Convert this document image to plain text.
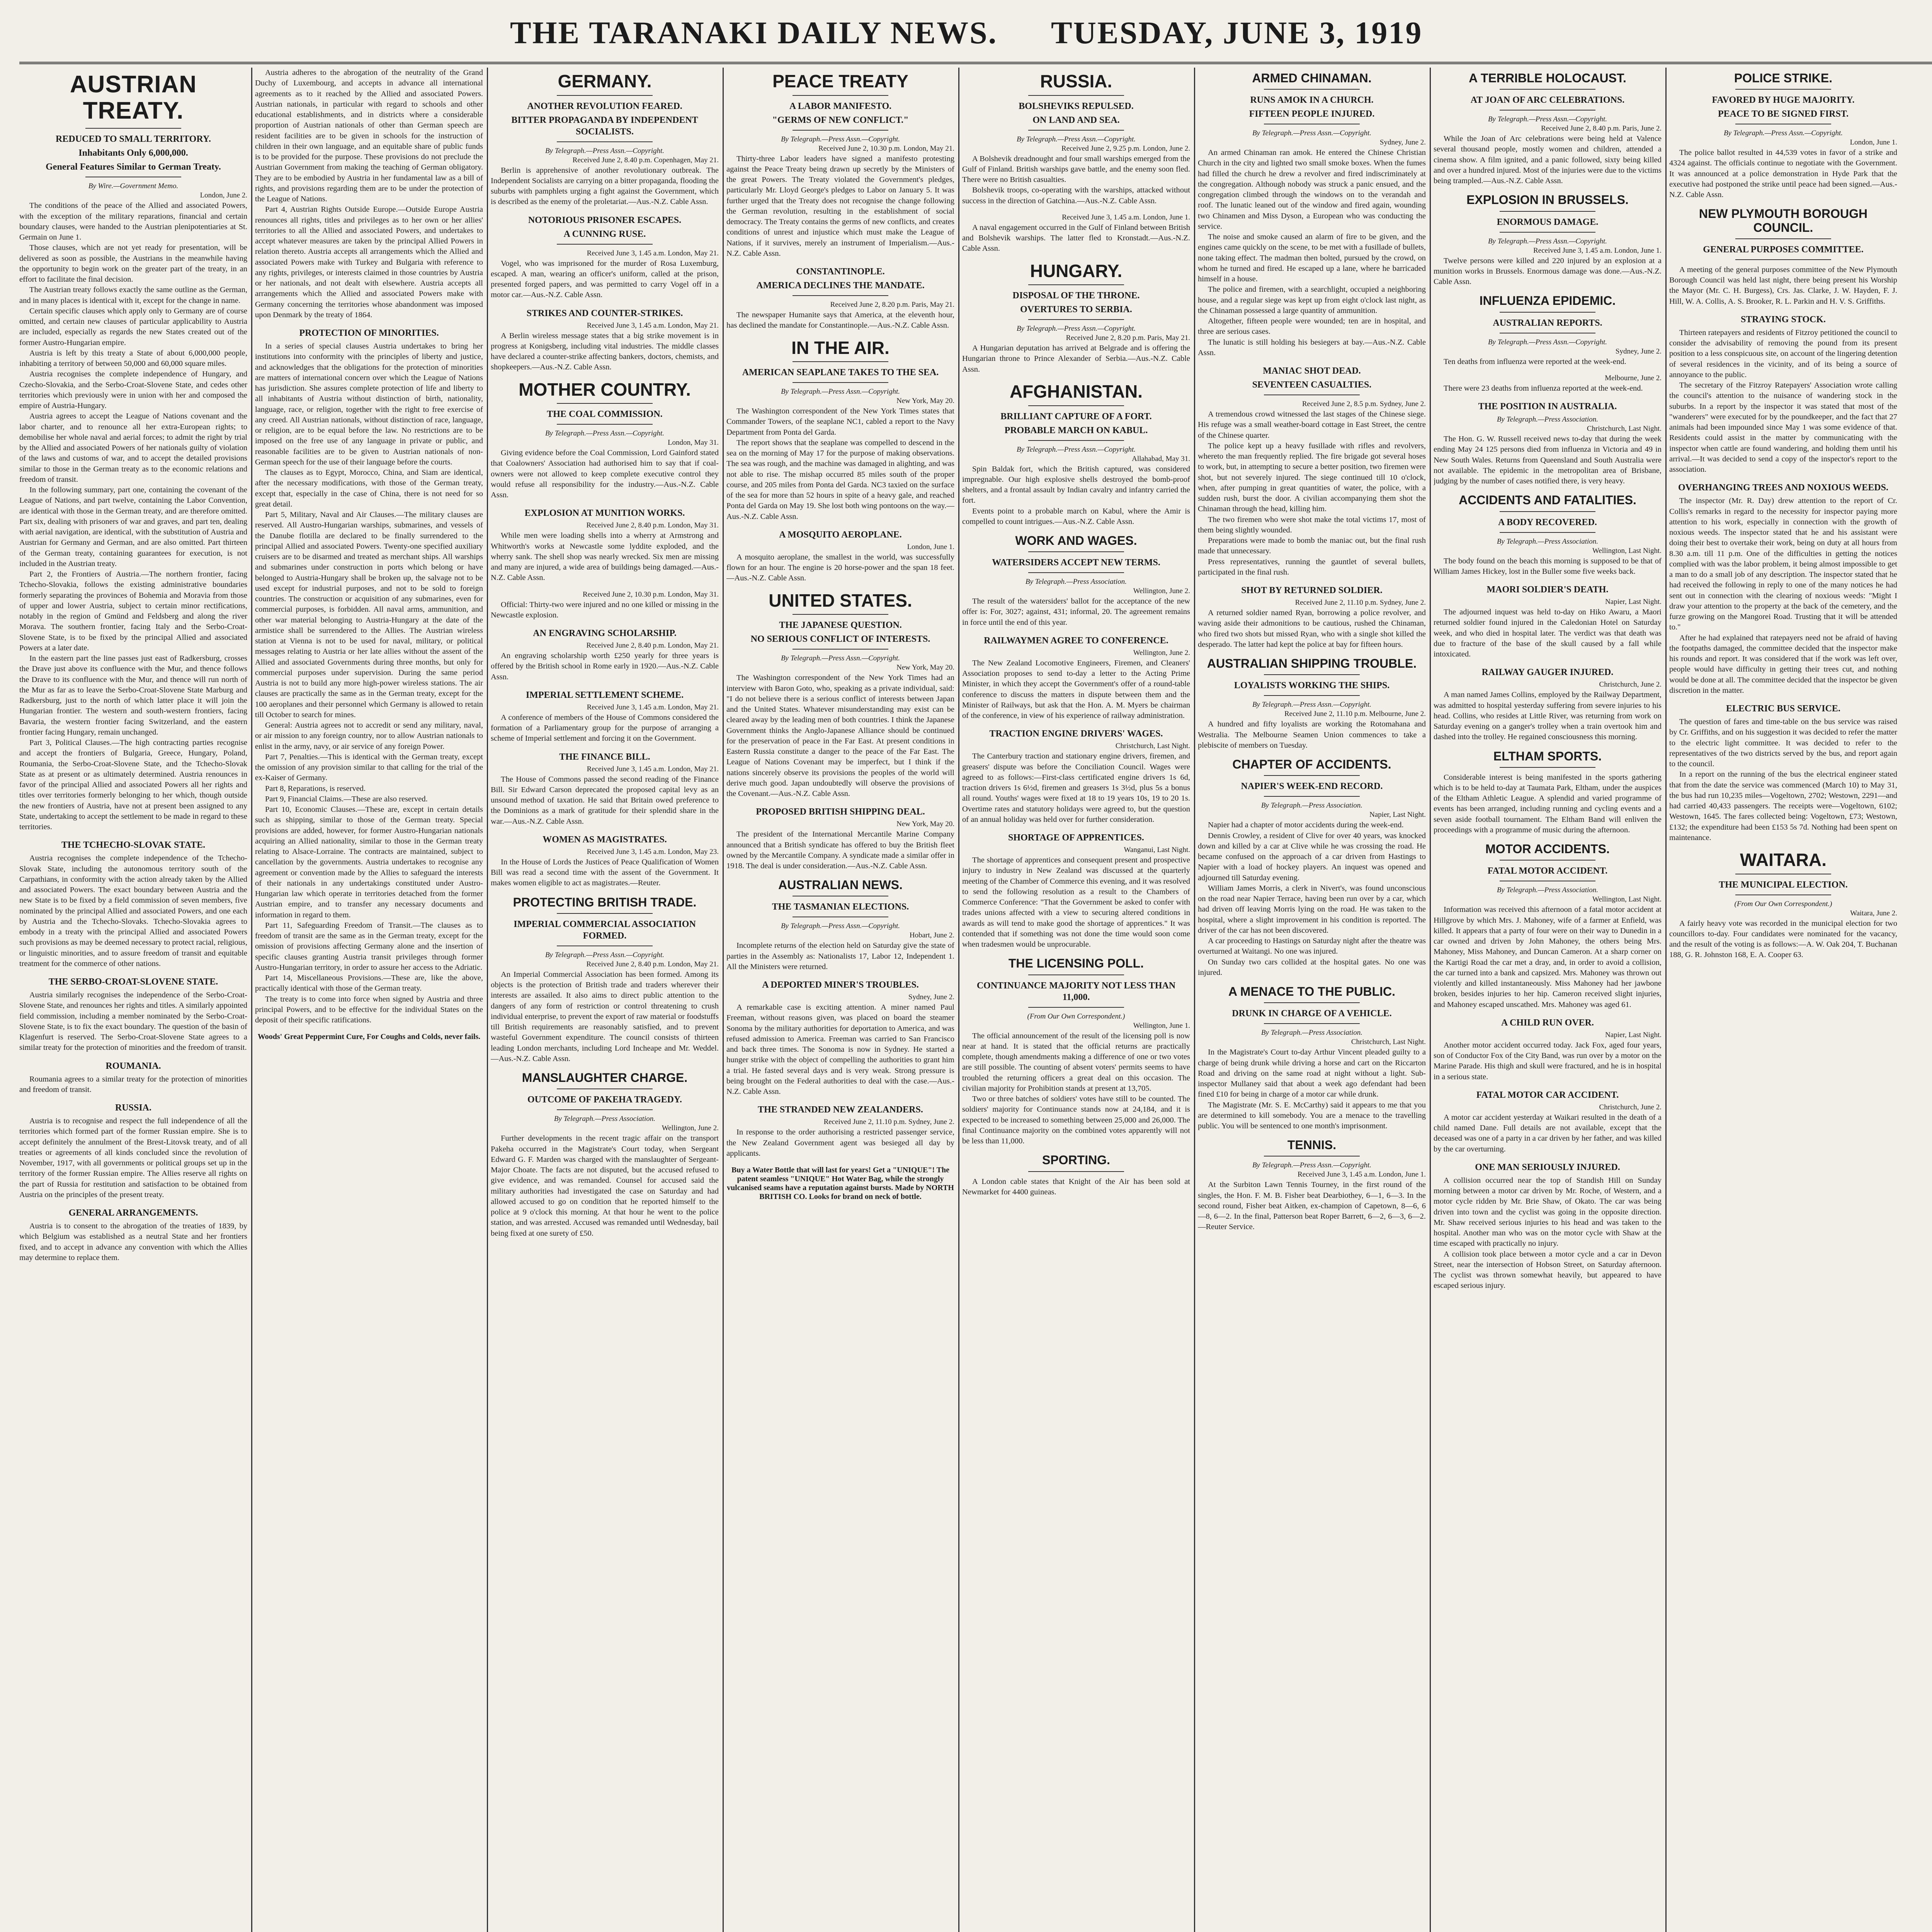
THE TARANAKI DAILY NEWS. TUESDAY, JUNE 3, 1919
AUSTRIAN TREATY.
REDUCED TO SMALL TERRITORY.
Inhabitants Only 6,000,000.
General Features Similar to German Treaty.
By Wire.—Government Memo.
London, June 2.

The conditions of the peace of the Allied and associated Powers, with the exception of the military reparations, financial and certain boundary clauses, were handed to the Austrian plenipotentiaries at St. Germain on June 1.

Those clauses, which are not yet ready for presentation, will be delivered as soon as possible, the Austrians in the meanwhile having the opportunity to begin work on the greater part of the treaty, in an effort to facilitate the final decision.

The Austrian treaty follows exactly the same outline as the German, and in many places is identical with it, except for the change in name.

Certain specific clauses which apply only to Germany are of course omitted, and certain new clauses of particular applicability to Austria are included, especially as regards the new States created out of the former Austro-Hungarian empire.

Austria is left by this treaty a State of about 6,000,000 people, inhabiting a territory of between 50,000 and 60,000 square miles.

Austria recognises the complete independence of Hungary, and Czecho-Slovakia, and the Serbo-Croat-Slovene State, and cedes other territories which previously were in union with her and composed the empire of Austria-Hungary.

Austria agrees to accept the League of Nations covenant and the labor charter, and to renounce all her extra-European rights; to demobilise her whole naval and aerial forces; to admit the right by trial by the Allied and associated Powers of her nationals guilty of violation of the laws and customs of war, and to accept the detailed provisions similar to those in the German treaty as to the economic relations and freedom of transit.

In the following summary, part one, containing the covenant of the League of Nations, and part twelve, containing the Labor Convention, are identical with those in the German treaty, and are therefore omitted. Part six, dealing with prisoners of war and graves, and part ten, dealing with aerial navigation, are identical, with the substitution of Austria and Austrian for Germany and German, and are also omitted. Part thirteen of the German treaty, containing guarantees for execution, is not included in the Austrian treaty.

Part 2, the Frontiers of Austria.—The northern frontier, facing Tchecho-Slovakia, follows the existing administrative boundaries formerly separating the provinces of Bohemia and Moravia from those of upper and lower Austria, subject to certain minor rectifications, notably in the region of Gmünd and Feldsberg and along the river Morava. The southern frontier, facing Italy and the Serbo-Croat-Slovene State, is to be fixed by the principal Allied and associated Powers at a later date.

In the eastern part the line passes just east of Radkersburg, crosses the Drave just above its confluence with the Mur, and thence follows the Drave to its confluence with the Mur, and thence will run north of the Mur as far as to leave the Serbo-Croat-Slovene State Marburg and Radkersburg, just to the north of which latter place it will join the Hungarian frontier. The western and south-western frontiers, facing Bavaria, the western frontier facing Switzerland, and the eastern frontier facing Hungary, remain unchanged.

Part 3, Political Clauses.—The high contracting parties recognise and accept the frontiers of Bulgaria, Greece, Hungary, Poland, Roumania, the Serbo-Croat-Slovene State, and the Tchecho-Slovak State as at present or as ultimately determined. Austria renounces in favor of the principal Allied and associated Powers all her rights and titles over territories formerly belonging to her which, though outside the new frontiers of Austria, have not at present been assigned to any State, undertaking to accept the settlement to be made in regard to these territories.

THE TCHECHO-SLOVAK STATE.

Austria recognises the complete independence of the Tchecho-Slovak State, including the autonomous territory south of the Carpathians, in conformity with the action already taken by the Allied and associated Powers. The exact boundary between Austria and the new State is to be fixed by a field commission of seven members, five nominated by the principal Allied and associated Powers, and one each by Austria and the Tchecho-Slovaks. Tchecho-Slovakia agrees to embody in a treaty with the principal Allied and associated Powers such provisions as may be deemed necessary to protect racial, religious, or linguistic minorities, and to assure freedom of transit and equitable treatment for the commerce of other nations.

THE SERBO-CROAT-SLOVENE STATE.

Austria similarly recognises the independence of the Serbo-Croat-Slovene State, and renounces her rights and titles. A similarly appointed field commission, including a member nominated by the Serbo-Croat-Slovene State, is to fix the exact boundary. The question of the basin of Klagenfurt is reserved. The Serbo-Croat-Slovene State agrees to a similar treaty for the protection of minorities and the freedom of transit.

ROUMANIA.

Roumania agrees to a similar treaty for the protection of minorities and freedom of transit.

RUSSIA.

Austria is to recognise and respect the full independence of all the territories which formed part of the former Russian empire. She is to accept definitely the annulment of the Brest-Litovsk treaty, and of all treaties or agreements of all kinds concluded since the revolution of November, 1917, with all governments or political groups set up in the territory of the former Russian empire. The Allies reserve all rights on the part of Russia for restitution and satisfaction to be obtained from Austria on the principles of the present treaty.

GENERAL ARRANGEMENTS.

Austria is to consent to the abrogation of the treaties of 1839, by which Belgium was established as a neutral State and her frontiers fixed, and to accept in advance any convention with which the Allies may determine to replace them.

Austria adheres to the abrogation of the neutrality of the Grand Duchy of Luxembourg, and accepts in advance all international agreements as to it reached by the Allied and associated Powers. Austrian nationals, in particular with regard to schools and other educational establishments, and in districts where a considerable proportion of Austrian nationals of other than German speech are resident facilities are to be given in schools for the instruction of children in their own language, and an equitable share of public funds is to be provided for the purpose. These provisions do not preclude the Austrian Government from making the teaching of German obligatory. They are to be embodied by Austria in her fundamental law as a bill of rights, and provisions regarding them are to be under the protection of the League of Nations.

Part 4, Austrian Rights Outside Europe.—Outside Europe Austria renounces all rights, titles and privileges as to her own or her allies' territories to all the Allied and associated Powers, and undertakes to accept whatever measures are taken by the principal Allied Powers in relation thereto. Austria accepts all arrangements which the Allied and associated Powers make with Turkey and Bulgaria with reference to any rights, privileges, or interests claimed in those countries by Austria or her nationals, and not dealt with elsewhere. Austria accepts all arrangements which the Allied and associated Powers make with Germany concerning the territories whose abandonment was imposed upon Denmark by the treaty of 1864.

PROTECTION OF MINORITIES.

In a series of special clauses Austria undertakes to bring her institutions into conformity with the principles of liberty and justice, and acknowledges that the obligations for the protection of minorities are matters of international concern over which the League of Nations has jurisdiction. She assures complete protection of life and liberty to all inhabitants of Austria without distinction of birth, nationality, language, race, or religion, together with the right to free exercise of any creed. All Austrian nationals, without distinction of race, language, or religion, are to be equal before the law. No restrictions are to be imposed on the free use of any language in private or public, and reasonable facilities are to be given to Austrian nationals of non-German speech for the use of their language before the courts.

The clauses as to Egypt, Morocco, China, and Siam are identical, after the necessary modifications, with those of the German treaty, except that, especially in the case of China, there is not need for so great detail.

Part 5, Military, Naval and Air Clauses.—The military clauses are reserved. All Austro-Hungarian warships, submarines, and vessels of the Danube flotilla are declared to be finally surrendered to the principal Allied and associated Powers. Twenty-one specified auxiliary cruisers are to be disarmed and treated as merchant ships. All warships and submarines under construction in ports which belong or have belonged to Austria-Hungary shall be broken up, the salvage not to be used except for industrial purposes, and not to be sold to foreign countries. The construction or acquisition of any submarines, even for commercial purposes, is forbidden. All naval arms, ammunition, and other war material belonging to Austria-Hungary at the date of the armistice shall be surrendered to the Allies. The Austrian wireless station at Vienna is not to be used for naval, military, or political messages relating to Austria or her late allies without the assent of the Allied and associated Governments during three months, but only for commercial purposes under supervision. During the same period Austria is not to build any more high-power wireless stations. The air clauses are practically the same as in the German treaty, except for the 100 aeroplanes and their personnel which Germany is allowed to retain till October to search for mines.

General: Austria agrees not to accredit or send any military, naval, or air mission to any foreign country, nor to allow Austrian nationals to enlist in the army, navy, or air service of any foreign Power.

Part 7, Penalties.—This is identical with the German treaty, except the omission of any provision similar to that calling for the trial of the ex-Kaiser of Germany.

Part 8, Reparations, is reserved.

Part 9, Financial Claims.—These are also reserved.

Part 10, Economic Clauses.—These are, except in certain details such as shipping, similar to those of the German treaty. Special provisions are added, however, for former Austro-Hungarian nationals acquiring an Allied nationality, similar to those in the German treaty relating to Alsace-Lorraine. The contracts are maintained, subject to cancellation by the governments. Austria undertakes to recognise any agreement or convention made by the Allies to safeguard the interests of their nationals in any undertakings constituted under Austro-Hungarian law which operate in territories detached from the former Austrian empire, and to transfer any necessary documents and information in regard to them.

Part 11, Safeguarding Freedom of Transit.—The clauses as to freedom of transit are the same as in the German treaty, except for the omission of provisions affecting Germany alone and the insertion of specific clauses granting Austria transit privileges through former Austro-Hungarian territory, in order to assure her access to the Adriatic.

Part 14, Miscellaneous Provisions.—These are, like the above, practically identical with those of the German treaty.

The treaty is to come into force when signed by Austria and three principal Powers, and to be effective for the individual States on the deposit of their specific ratifications.

Woods' Great Peppermint Cure, For Coughs and Colds, never fails.
GERMANY.
ANOTHER REVOLUTION FEARED.
BITTER PROPAGANDA BY INDEPENDENT SOCIALISTS.
By Telegraph.—Press Assn.—Copyright.
Received June 2, 8.40 p.m. Copenhagen, May 21.

Berlin is apprehensive of another revolutionary outbreak. The Independent Socialists are carrying on a bitter propaganda, flooding the suburbs with pamphlets urging a fight against the Government, which is described as the enemy of the proletariat.—Aus.-N.Z. Cable Assn.

NOTORIOUS PRISONER ESCAPES.
A CUNNING RUSE.
Received June 3, 1.45 a.m. London, May 21.

Vogel, who was imprisoned for the murder of Rosa Luxemburg, escaped. A man, wearing an officer's uniform, called at the prison, presented forged papers, and was permitted to carry Vogel off in a motor car.—Aus.-N.Z. Cable Assn.

STRIKES AND COUNTER-STRIKES.
Received June 3, 1.45 a.m. London, May 21.

A Berlin wireless message states that a big strike movement is in progress at Konigsberg, including vital industries. The middle classes have declared a counter-strike affecting bankers, doctors, chemists, and shopkeepers.—Aus.-N.Z. Cable Assn.

MOTHER COUNTRY.
THE COAL COMMISSION.
By Telegraph.—Press Assn.—Copyright.
London, May 31.

Giving evidence before the Coal Commission, Lord Gainford stated that Coalowners' Association had authorised him to say that if coal-owners were not allowed to keep complete executive control they would refuse all responsibility for the industry.—Aus.-N.Z. Cable Assn.

EXPLOSION AT MUNITION WORKS.
Received June 2, 8.40 p.m. London, May 31.

While men were loading shells into a wherry at Armstrong and Whitworth's works at Newcastle some lyddite exploded, and the wherry sank. The shell shop was nearly wrecked. Six men are missing and many are injured, a wide area of buildings being damaged.—Aus.-N.Z. Cable Assn.

Received June 2, 10.30 p.m. London, May 31.

Official: Thirty-two were injured and no one killed or missing in the Newcastle explosion.

AN ENGRAVING SCHOLARSHIP.
Received June 2, 8.40 p.m. London, May 21.

An engraving scholarship worth £250 yearly for three years is offered by the British school in Rome early in 1920.—Aus.-N.Z. Cable Assn.

IMPERIAL SETTLEMENT SCHEME.
Received June 3, 1.45 a.m. London, May 21.

A conference of members of the House of Commons considered the formation of a Parliamentary group for the purpose of arranging a scheme of Imperial settlement and forcing it on the Government.

THE FINANCE BILL.
Received June 3, 1.45 a.m. London, May 21.

The House of Commons passed the second reading of the Finance Bill. Sir Edward Carson deprecated the proposed capital levy as an unsound method of taxation. He said that Britain owed preference to the Dominions as a mark of gratitude for their splendid share in the war.—Aus.-N.Z. Cable Assn.

WOMEN AS MAGISTRATES.
Received June 3, 1.45 a.m. London, May 23.

In the House of Lords the Justices of Peace Qualification of Women Bill was read a second time with the assent of the Government. It makes women eligible to act as magistrates.—Reuter.

PROTECTING BRITISH TRADE.
IMPERIAL COMMERCIAL ASSOCIATION FORMED.
By Telegraph.—Press Assn.—Copyright.
Received June 2, 8.40 p.m. London, May 21.

An Imperial Commercial Association has been formed. Among its objects is the protection of British trade and traders wherever their interests are assailed. It also aims to direct public attention to the dangers of any form of restriction or control threatening to crush individual enterprise, to prevent the export of raw material or foodstuffs till British requirements are reasonably satisfied, and to prevent wasteful Government expenditure. The council consists of thirteen leading London merchants, including Lord Incheape and Mr. Weddel.—Aus.-N.Z. Cable Assn.

MANSLAUGHTER CHARGE.
OUTCOME OF PAKEHA TRAGEDY.
By Telegraph.—Press Association.
Wellington, June 2.

Further developments in the recent tragic affair on the transport Pakeha occurred in the Magistrate's Court today, when Sergeant Edward G. F. Marden was charged with the manslaughter of Sergeant-Major Choate. The facts are not disputed, but the accused refused to give evidence, and was remanded. Counsel for accused said the military authorities had investigated the case on Saturday and had allowed accused to go on condition that he reported himself to the police at 9 o'clock this morning. At that hour he went to the police station, and was arrested. Accused was remanded until Wednesday, bail being fixed at one surety of £50.

PEACE TREATY
A LABOR MANIFESTO.
"GERMS OF NEW CONFLICT."
By Telegraph.—Press Assn.—Copyright.
Received June 2, 10.30 p.m. London, May 21.

Thirty-three Labor leaders have signed a manifesto protesting against the Peace Treaty being drawn up secretly by the Ministers of the great Powers. The Treaty violated the Government's pledges, particularly Mr. Lloyd George's pledges to Labor on January 5. It was further urged that the Treaty does not recognise the change following the German revolution, resulting in the establishment of social democracy. The Treaty contains the germs of new conflicts, and creates conditions of unrest and injustice which must make the League of Nations, if it survives, merely an instrument of Imperialism.—Aus.-N.Z. Cable Assn.

CONSTANTINOPLE.
AMERICA DECLINES THE MANDATE.
Received June 2, 8.20 p.m. Paris, May 21.

The newspaper Humanite says that America, at the eleventh hour, has declined the mandate for Constantinople.—Aus.-N.Z. Cable Assn.

IN THE AIR.
AMERICAN SEAPLANE TAKES TO THE SEA.
By Telegraph.—Press Assn.—Copyright.
New York, May 20.

The Washington correspondent of the New York Times states that Commander Towers, of the seaplane NC1, cabled a report to the Navy Department from Ponta del Garda.

The report shows that the seaplane was compelled to descend in the sea on the morning of May 17 for the purpose of making observations. The sea was rough, and the machine was damaged in alighting, and was not able to rise. The mishap occurred 85 miles south of the proper course, and 205 miles from Ponta del Garda. NC3 taxied on the surface of the sea for more than 52 hours in spite of a heavy gale, and reached Ponta del Garda on May 19. She lost both wing pontoons on the way.—Aus.-N.Z. Cable Assn.

A MOSQUITO AEROPLANE.
London, June 1.

A mosquito aeroplane, the smallest in the world, was successfully flown for an hour. The engine is 20 horse-power and the span 18 feet.—Aus.-N.Z. Cable Assn.

UNITED STATES.
THE JAPANESE QUESTION.
NO SERIOUS CONFLICT OF INTERESTS.
By Telegraph.—Press Assn.—Copyright.
New York, May 20.

The Washington correspondent of the New York Times had an interview with Baron Goto, who, speaking as a private individual, said: "I do not believe there is a serious conflict of interests between Japan and the United States. Whatever misunderstanding may exist can be cleared away by the leading men of both countries. I think the Japanese Government thinks the Anglo-Japanese Alliance should be continued for the preservation of peace in the Far East. At present conditions in Eastern Russia constitute a danger to the peace of the Far East. The League of Nations Covenant may be imperfect, but I think if the nations sincerely observe its provisions the peoples of the world will derive much good. Japan undoubtedly will observe the provisions of the Covenant.—Aus.-N.Z. Cable Assn.

PROPOSED BRITISH SHIPPING DEAL.
New York, May 20.

The president of the International Mercantile Marine Company announced that a British syndicate has offered to buy the British fleet owned by the Mercantile Company. A syndicate made a similar offer in 1918. The deal is under consideration.—Aus.-N.Z. Cable Assn.

AUSTRALIAN NEWS.
THE TASMANIAN ELECTIONS.
By Telegraph.—Press Assn.—Copyright.
Hobart, June 2.

Incomplete returns of the election held on Saturday give the state of parties in the Assembly as: Nationalists 17, Labor 12, Independent 1. All the Ministers were returned.

A DEPORTED MINER'S TROUBLES.
Sydney, June 2.

A remarkable case is exciting attention. A miner named Paul Freeman, without reasons given, was placed on board the steamer Sonoma by the military authorities for deportation to America, and was refused admission to America. Freeman was carried to San Francisco and back three times. The Sonoma is now in Sydney. He started a hunger strike with the object of compelling the authorities to grant him a trial. He fasted several days and is very weak. Strong pressure is being brought on the Federal authorities to deal with the case.—Aus.-N.Z. Cable Assn.

THE STRANDED NEW ZEALANDERS.
Received June 2, 11.10 p.m. Sydney, June 2.

In response to the order authorising a restricted passenger service, the New Zealand Government agent was besieged all day by applicants.

Buy a Water Bottle that will last for years! Get a "UNIQUE"! The patent seamless "UNIQUE" Hot Water Bag, while the strongly vulcanised seams have a reputation against bursts. Made by NORTH BRITISH CO. Looks for brand on neck of bottle.
RUSSIA.
BOLSHEVIKS REPULSED.
ON LAND AND SEA.
By Telegraph.—Press Assn.—Copyright.
Received June 2, 9.25 p.m. London, June 2.

A Bolshevik dreadnought and four small warships emerged from the Gulf of Finland. British warships gave battle, and the enemy soon fled. There were no British casualties.

Bolshevik troops, co-operating with the warships, attacked without success in the direction of Gatchina.—Aus.-N.Z. Cable Assn.

Received June 3, 1.45 a.m. London, June 1.

A naval engagement occurred in the Gulf of Finland between British and Bolshevik warships. The latter fled to Kronstadt.—Aus.-N.Z. Cable Assn.

HUNGARY.
DISPOSAL OF THE THRONE.
OVERTURES TO SERBIA.
By Telegraph.—Press Assn.—Copyright.
Received June 2, 8.20 p.m. Paris, May 21.

A Hungarian deputation has arrived at Belgrade and is offering the Hungarian throne to Prince Alexander of Serbia.—Aus.-N.Z. Cable Assn.

AFGHANISTAN.
BRILLIANT CAPTURE OF A FORT.
PROBABLE MARCH ON KABUL.
By Telegraph.—Press Assn.—Copyright.
Allahabad, May 31.

Spin Baldak fort, which the British captured, was considered impregnable. Our high explosive shells destroyed the bomb-proof shelters, and a frontal assault by Indian cavalry and infantry carried the fort.

Events point to a probable march on Kabul, where the Amir is compelled to count intrigues.—Aus.-N.Z. Cable Assn.

WORK AND WAGES.
WATERSIDERS ACCEPT NEW TERMS.
By Telegraph.—Press Association.
Wellington, June 2.

The result of the watersiders' ballot for the acceptance of the new offer is: For, 3027; against, 431; informal, 20. The agreement remains in force until the end of this year.

RAILWAYMEN AGREE TO CONFERENCE.
Wellington, June 2.

The New Zealand Locomotive Engineers, Firemen, and Cleaners' Association proposes to send to-day a letter to the Acting Prime Minister, in which they accept the Government's offer of a round-table conference to discuss the matters in dispute between them and the Minister of Railways, but ask that the Hon. A. M. Myers be chairman of the conference, in view of his experience of railway administration.

TRACTION ENGINE DRIVERS' WAGES.
Christchurch, Last Night.

The Canterbury traction and stationary engine drivers, firemen, and greasers' dispute was before the Conciliation Council. Wages were agreed to as follows:—First-class certificated engine drivers 1s 6d, traction drivers 1s 6½d, firemen and greasers 1s 3½d, plus 5s a bonus all round. Youths' wages were fixed at 18 to 19 years 10s, 19 to 20 1s. Overtime rates and statutory holidays were agreed to, but the question of an annual holiday was held over for further consideration.

SHORTAGE OF APPRENTICES.
Wanganui, Last Night.

The shortage of apprentices and consequent present and prospective injury to industry in New Zealand was discussed at the quarterly meeting of the Chamber of Commerce this evening, and it was resolved to send the following resolution as a result to the Chambers of Commerce Conference: "That the Government be asked to confer with trades unions affected with a view to securing altered conditions in awards as will tend to make good the shortage of apprentices." It was contended that if something was not done the time would soon come when tradesmen would be unprocurable.

THE LICENSING POLL.
CONTINUANCE MAJORITY NOT LESS THAN 11,000.
(From Our Own Correspondent.)
Wellington, June 1.

The official announcement of the result of the licensing poll is now near at hand. It is stated that the official returns are practically complete, though amendments making a difference of one or two votes are still possible. The counting of absent voters' permits seems to have troubled the returning officers a great deal on this occasion. The civilian majority for Prohibition stands at present at 13,705.

Two or three batches of soldiers' votes have still to be counted. The soldiers' majority for Continuance stands now at 24,184, and it is expected to be increased to something between 25,000 and 26,000. The final Continuance majority on the combined votes apparently will not be less than 11,000.

SPORTING.

A London cable states that Knight of the Air has been sold at Newmarket for 4400 guineas.

ARMED CHINAMAN.
RUNS AMOK IN A CHURCH.
FIFTEEN PEOPLE INJURED.
By Telegraph.—Press Assn.—Copyright.
Sydney, June 2.

An armed Chinaman ran amok. He entered the Chinese Christian Church in the city and lighted two small smoke boxes. When the fumes had filled the church he drew a revolver and fired indiscriminately at the congregation. Although nobody was struck a panic ensued, and the congregation climbed through the windows on to the verandah and roof. The lunatic leaned out of the window and fired again, wounding two Chinamen and Miss Dyson, a European who was conducting the service.

The noise and smoke caused an alarm of fire to be given, and the engines came quickly on the scene, to be met with a fusillade of bullets, none taking effect. The madman then bolted, pursued by the crowd, on whom he turned and fired. He escaped up a lane, where he barricaded himself in a house.

The police and firemen, with a searchlight, occupied a neighboring house, and a regular siege was kept up from eight o'clock last night, as the Chinaman possessed a large quantity of ammunition.

Altogether, fifteen people were wounded; ten are in hospital, and three are serious cases.

The lunatic is still holding his besiegers at bay.—Aus.-N.Z. Cable Assn.

MANIAC SHOT DEAD.
SEVENTEEN CASUALTIES.
Received June 2, 8.5 p.m. Sydney, June 2.

A tremendous crowd witnessed the last stages of the Chinese siege. His refuge was a small weather-board cottage in East Street, the centre of the Chinese quarter.

The police kept up a heavy fusillade with rifles and revolvers, whereto the man frequently replied. The fire brigade got several hoses to work, but, in attempting to secure a better position, two firemen were shot, but not severely injured. The siege continued till 10 o'clock, when, after pumping in great quantities of water, the police, with a sudden rush, burst the door. A civilian accompanying them shot the Chinaman through the head, killing him.

The two firemen who were shot make the total victims 17, most of them being slightly wounded.

Preparations were made to bomb the maniac out, but the final rush made that unnecessary.

Press representatives, running the gauntlet of several bullets, participated in the final rush.

SHOT BY RETURNED SOLDIER.
Received June 2, 11.10 p.m. Sydney, June 2.

A returned soldier named Ryan, borrowing a police revolver, and waving aside their admonitions to be cautious, rushed the Chinaman, who fired two shots but missed Ryan, who with a single shot killed the desperado. The latter had kept the police at bay for fifteen hours.

AUSTRALIAN SHIPPING TROUBLE.
LOYALISTS WORKING THE SHIPS.
By Telegraph.—Press Assn.—Copyright.
Received June 2, 11.10 p.m. Melbourne, June 2.

A hundred and fifty loyalists are working the Rotomahana and Westralia. The Melbourne Seamen Union commences to take a plebiscite of members on Tuesday.

CHAPTER OF ACCIDENTS.
NAPIER'S WEEK-END RECORD.
By Telegraph.—Press Association.
Napier, Last Night.

Napier had a chapter of motor accidents during the week-end.

Dennis Crowley, a resident of Clive for over 40 years, was knocked down and killed by a car at Clive while he was crossing the road. He became confused on the approach of a car driven from Hastings to Napier with a load of hockey players. An inquest was opened and adjourned till Saturday evening.

William James Morris, a clerk in Nivert's, was found unconscious on the road near Napier Terrace, having been run over by a car, which had driven off leaving Morris lying on the road. He was taken to the hospital, where a slight improvement in his condition is reported. The driver of the car has not been discovered.

A car proceeding to Hastings on Saturday night after the theatre was overturned at Waitangi. No one was injured.

On Sunday two cars collided at the hospital gates. No one was injured.

A MENACE TO THE PUBLIC.
DRUNK IN CHARGE OF A VEHICLE.
By Telegraph.—Press Association.
Christchurch, Last Night.

In the Magistrate's Court to-day Arthur Vincent pleaded guilty to a charge of being drunk while driving a horse and cart on the Riccarton Road and driving on the same road at night without a light. Sub-inspector Mullaney said that about a week ago defendant had been fined £10 for being in charge of a motor car while drunk.

The Magistrate (Mr. S. E. McCarthy) said it appears to me that you are determined to kill somebody. You are a menace to the travelling public. You will be sentenced to one month's imprisonment.

TENNIS.
By Telegraph.—Press Assn.—Copyright.
Received June 3, 1.45 a.m. London, June 1.

At the Surbiton Lawn Tennis Tourney, in the first round of the singles, the Hon. F. M. B. Fisher beat Dearbiothey, 6—1, 6—3. In the second round, Fisher beat Aitken, ex-champion of Capetown, 8—6, 6—8, 6—2. In the final, Patterson beat Roper Barrett, 6—2, 6—3, 6—2.—Reuter Service.

A TERRIBLE HOLOCAUST.
AT JOAN OF ARC CELEBRATIONS.
By Telegraph.—Press Assn.—Copyright.
Received June 2, 8.40 p.m. Paris, June 2.

While the Joan of Arc celebrations were being held at Valence several thousand people, mostly women and children, attended a cinema show. A film ignited, and a panic followed, sixty being killed and over a hundred injured. Most of the injuries were due to the victims being trampled.—Aus.-N.Z. Cable Assn.

EXPLOSION IN BRUSSELS.
ENORMOUS DAMAGE.
By Telegraph.—Press Assn.—Copyright.
Received June 3, 1.45 a.m. London, June 1.

Twelve persons were killed and 220 injured by an explosion at a munition works in Brussels. Enormous damage was done.—Aus.-N.Z. Cable Assn.

INFLUENZA EPIDEMIC.
AUSTRALIAN REPORTS.
By Telegraph.—Press Assn.—Copyright.
Sydney, June 2.

Ten deaths from influenza were reported at the week-end.

Melbourne, June 2.

There were 23 deaths from influenza reported at the week-end.

THE POSITION IN AUSTRALIA.
By Telegraph.—Press Association.
Christchurch, Last Night.

The Hon. G. W. Russell received news to-day that during the week ending May 24 125 persons died from influenza in Victoria and 49 in New South Wales. Returns from Queensland and South Australia were not available. The epidemic in the metropolitan area of Brisbane, judging by the number of cases notified there, is very heavy.

ACCIDENTS AND FATALITIES.
A BODY RECOVERED.
By Telegraph.—Press Association.
Wellington, Last Night.

The body found on the beach this morning is supposed to be that of William James Hickey, lost in the Buller some five weeks back.

MAORI SOLDIER'S DEATH.
Napier, Last Night.

The adjourned inquest was held to-day on Hiko Awaru, a Maori returned soldier found injured in the Caledonian Hotel on Saturday week, and who died in hospital later. The verdict was that death was due to fracture of the base of the skull caused by a fall while intoxicated.

RAILWAY GAUGER INJURED.
Christchurch, June 2.

A man named James Collins, employed by the Railway Department, was admitted to hospital yesterday suffering from severe injuries to his head. Collins, who resides at Little River, was returning from work on Saturday evening on a ganger's trolley when a train overtook him and dashed into the trolley. He regained consciousness this morning.

ELTHAM SPORTS.

Considerable interest is being manifested in the sports gathering which is to be held to-day at Taumata Park, Eltham, under the auspices of the Eltham Athletic League. A splendid and varied programme of events has been arranged, including running and cycling events and a seven aside football tournament. The Eltham Band will enliven the proceedings with a programme of music during the afternoon.

MOTOR ACCIDENTS.
FATAL MOTOR ACCIDENT.
By Telegraph.—Press Association.
Wellington, Last Night.

Information was received this afternoon of a fatal motor accident at Hillgrove by which Mrs. J. Mahoney, wife of a farmer at Enfield, was killed. It appears that a party of four were on their way to Dunedin in a car owned and driven by John Mahoney, the others being Mrs. Mahoney, Miss Mahoney, and Duncan Cameron. At a sharp corner on the Kartigi Road the car met a dray, and, in order to avoid a collision, the car turned into a bank and capsized. Mrs. Mahoney was thrown out violently and killed instantaneously. Miss Mahoney had her jawbone broken, besides injuries to her hip. Cameron received slight injuries, and Mahoney escaped unscathed. Mrs. Mahoney was aged 61.

A CHILD RUN OVER.
Napier, Last Night.

Another motor accident occurred today. Jack Fox, aged four years, son of Conductor Fox of the City Band, was run over by a motor on the Marine Parade. His thigh and skull were fractured, and he is in hospital in a serious state.

FATAL MOTOR CAR ACCIDENT.
Christchurch, June 2.

A motor car accident yesterday at Waikari resulted in the death of a child named Dane. Full details are not available, except that the deceased was one of a party in a car driven by her father, and was killed by the car overturning.

ONE MAN SERIOUSLY INJURED.

A collision occurred near the top of Standish Hill on Sunday morning between a motor car driven by Mr. Roche, of Western, and a motor cycle ridden by Mr. Brie Shaw, of Okato. The car was being driven into town and the cyclist was going in the opposite direction. Mr. Shaw received serious injuries to his head and was taken to the hospital. Another man who was on the motor cycle with Shaw at the time escaped with practically no injury.

A collision took place between a motor cycle and a car in Devon Street, near the intersection of Hobson Street, on Saturday afternoon. The cyclist was thrown somewhat heavily, but appeared to have escaped serious injury.

POLICE STRIKE.
FAVORED BY HUGE MAJORITY.
PEACE TO BE SIGNED FIRST.
By Telegraph.—Press Assn.—Copyright.
London, June 1.

The police ballot resulted in 44,539 votes in favor of a strike and 4324 against. The officials continue to negotiate with the Government. It was announced at a police demonstration in Hyde Park that the executive had postponed the strike until peace had been signed.—Aus.-N.Z. Cable Assn.

NEW PLYMOUTH BOROUGH COUNCIL.
GENERAL PURPOSES COMMITTEE.

A meeting of the general purposes committee of the New Plymouth Borough Council was held last night, there being present his Worship the Mayor (Mr. C. H. Burgess), Crs. Jas. Clarke, J. W. Hayden, F. J. Hill, W. A. Collis, A. S. Brooker, R. L. Parkin and H. V. S. Griffiths.

STRAYING STOCK.

Thirteen ratepayers and residents of Fitzroy petitioned the council to consider the advisability of removing the pound from its present position to a less conspicuous site, on account of the lingering detention of several residences in the vicinity, and of its being a source of annoyance to the public.

The secretary of the Fitzroy Ratepayers' Association wrote calling the council's attention to the nuisance of wandering stock in the suburbs. In a report by the inspector it was stated that most of the "wanderers" were executed for by the poundkeeper, and the fact that 27 animals had been impounded since May 1 was some evidence of that. Residents could assist in the matter by communicating with the inspector when cattle are found wandering, and holding them until his arrival.—It was decided to send a copy of the inspector's report to the association.

OVERHANGING TREES AND NOXIOUS WEEDS.

The inspector (Mr. R. Day) drew attention to the report of Cr. Collis's remarks in regard to the necessity for inspector paying more attention to his work, especially in connection with the growth of noxious weeds. The inspector stated that he and his assistant were doing their best to overtake their work, being on duty at all hours from 8.30 a.m. till 11 p.m. One of the difficulties in getting the notices complied with was the labor problem, it being almost impossible to get a man to do a small job of any description. The inspector stated that he had received the following in reply to one of the many notices he had sent out in connection with the clearing of noxious weeds: "Might I draw your attention to the property at the back of the cemetery, and the furze growing on the Mangorei Road. Trusting that it will be attended to."

After he had explained that ratepayers need not be afraid of having the footpaths damaged, the committee decided that the inspector make his rounds and report. It was considered that if the work was left over, people would have difficulty in getting their trees cut, and nothing would be done at all. The committee decided that the inspector be given discretion in the matter.

ELECTRIC BUS SERVICE.

The question of fares and time-table on the bus service was raised by Cr. Griffiths, and on his suggestion it was decided to refer the matter to the electric light committee. It was decided to refer to the representatives of the two districts served by the bus, and report again to the council.

In a report on the running of the bus the electrical engineer stated that from the date the service was commenced (March 10) to May 31, the bus had run 10,235 miles—Vogeltown, 2702; Westown, 2291—and had carried 40,433 passengers. The receipts were—Vogeltown, 6102; Westown, 1645. The fares collected being: Vogeltown, £73; Westown, £132; the expenditure had been £153 5s 7d. Nothing had been spent on maintenance.

WAITARA.
THE MUNICIPAL ELECTION.
(From Our Own Correspondent.)
Waitara, June 2.

A fairly heavy vote was recorded in the municipal election for two councillors to-day. Four candidates were nominated for the vacancy, and the result of the voting is as follows:—A. W. Oak 204, T. Buchanan 188, G. R. Johnston 168, E. A. Cooper 63.
